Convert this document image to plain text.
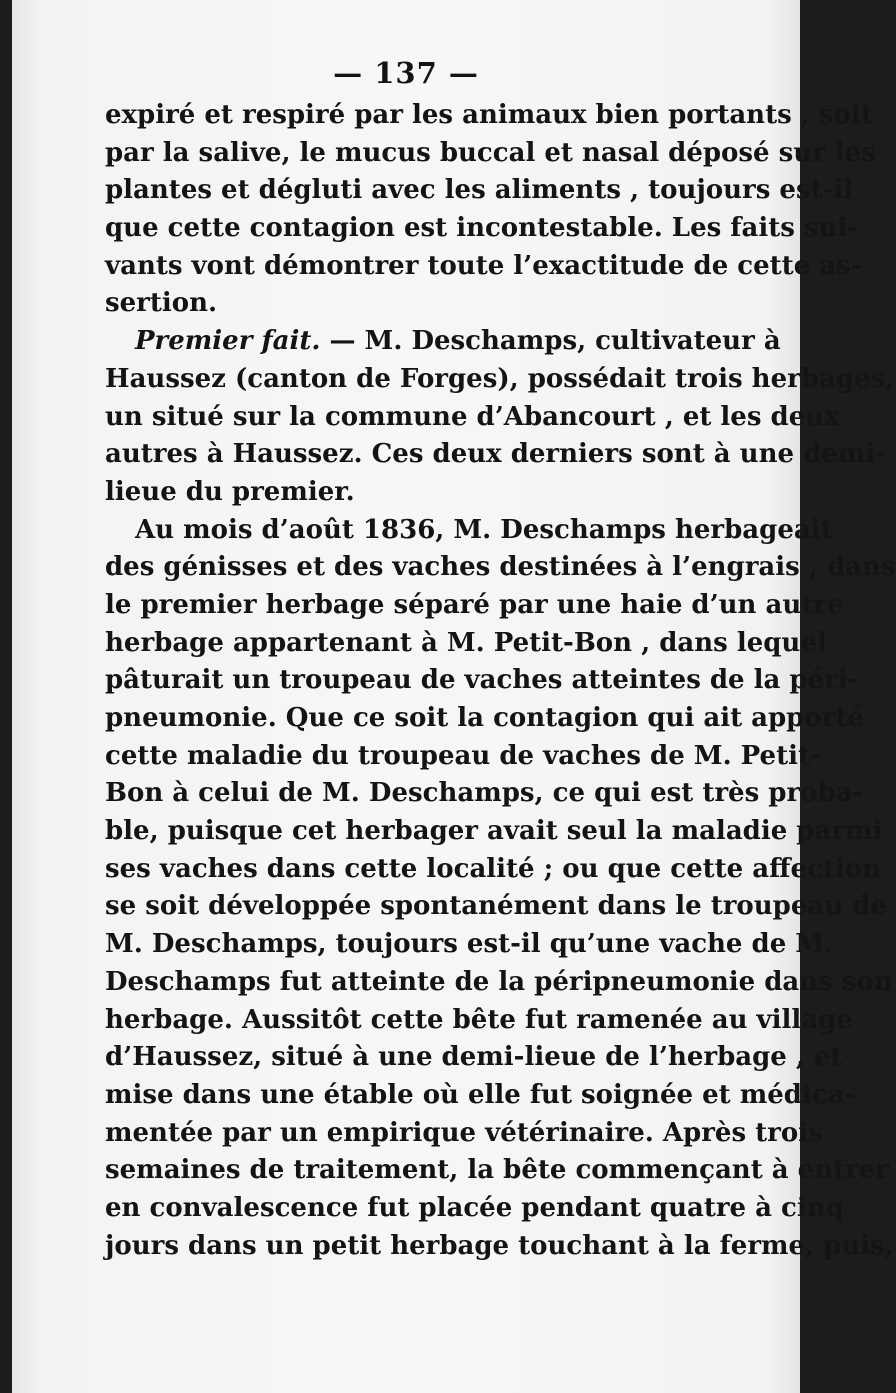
— 137 —
expiré et respiré par les animaux bien portants , soit
par la salive, le mucus buccal et nasal déposé sur les
plantes et dégluti avec les aliments , toujours est-il
que cette contagion est incontestable. Les faits sui-
vants vont démontrer toute l’exactitude de cette as-
sertion.
Premier fait. — M. Deschamps, cultivateur à
Haussez (canton de Forges), possédait trois herbages,
un situé sur la commune d’Abancourt , et les deux
autres à Haussez. Ces deux derniers sont à une demi-
lieue du premier.
Au mois d’août 1836, M. Deschamps herbageait
des génisses et des vaches destinées à l’engrais , dans
le premier herbage séparé par une haie d’un autre
herbage appartenant à M. Petit-Bon , dans lequel
pâturait un troupeau de vaches atteintes de la péri-
pneumonie. Que ce soit la contagion qui ait apporté
cette maladie du troupeau de vaches de M. Petit-
Bon à celui de M. Deschamps, ce qui est très proba-
ble, puisque cet herbager avait seul la maladie parmi
ses vaches dans cette localité ; ou que cette affection
se soit développée spontanément dans le troupeau de
M. Deschamps, toujours est-il qu’une vache de M.
Deschamps fut atteinte de la péripneumonie dans son
herbage. Aussitôt cette bête fut ramenée au village
d’Haussez, situé à une demi-lieue de l’herbage , et
mise dans une étable où elle fut soignée et médica-
mentée par un empirique vétérinaire. Après trois
semaines de traitement, la bête commençant à entrer
en convalescence fut placée pendant quatre à cinq
jours dans un petit herbage touchant à la ferme, puis,
